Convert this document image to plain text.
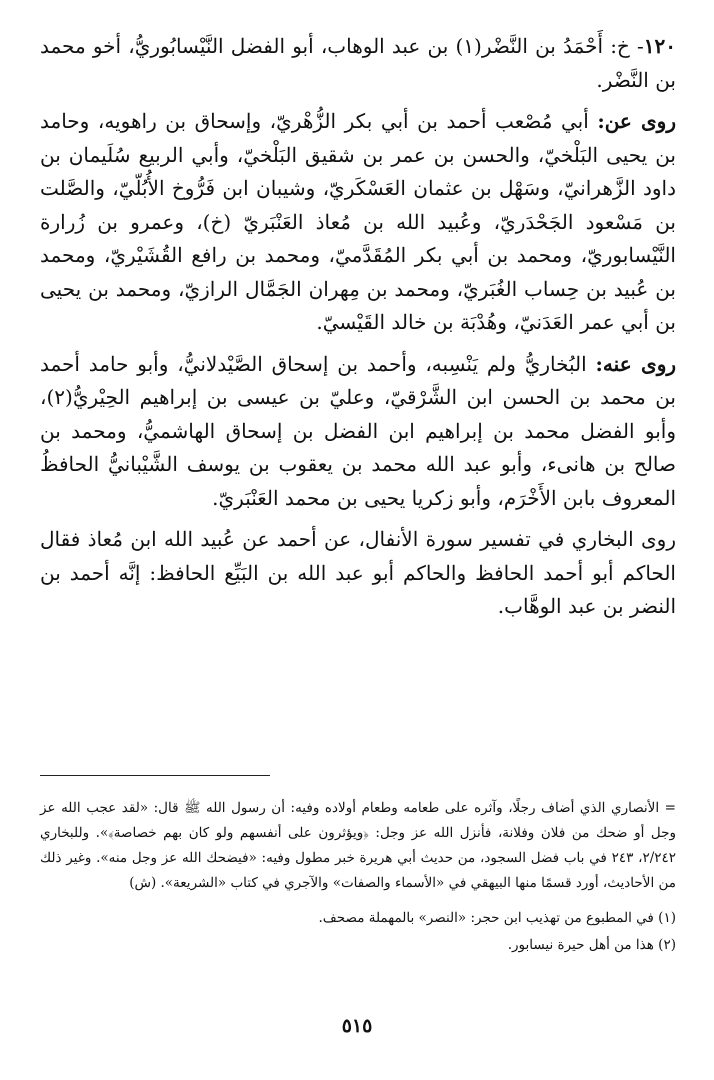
١٢٠- خ: أَحْمَدُ بن النَّضْر(١) بن عبد الوهاب، أبو الفضل النَّيْسابُوريُّ، أخو محمد بن النَّضْر.

روى عن: أبي مُصْعب أحمد بن أبي بكر الزُّهْريّ، وإسحاق بن راهويه، وحامد بن يحيى البَلْخيّ، والحسن بن عمر بن شقيق البَلْخيّ، وأبي الربيع سُلَيمان بن داود الزَّهرانيّ، وسَهْل بن عثمان العَسْكَريّ، وشيبان ابن فَرُّوخ الأُبُلّيّ، والصَّلت بن مَسْعود الجَحْدَريّ، وعُبيد الله بن مُعاذ العَنْبَريّ (خ)، وعمرو بن زُرارة النَّيْسابوريّ، ومحمد بن أبي بكر المُقَدَّميّ، ومحمد بن رافع القُشَيْريّ، ومحمد بن عُبيد بن حِساب الغُبَريّ، ومحمد بن مِهران الجَمَّال الرازيّ، ومحمد بن يحيى بن أبي عمر العَدَنيّ، وهُدْبَة بن خالد القَيْسيّ.

روى عنه: البُخاريُّ ولم يَنْسِبه، وأحمد بن إسحاق الصَّيْدلانيُّ، وأبو حامد أحمد بن محمد بن الحسن ابن الشَّرْقيّ، وعليّ بن عيسى بن إبراهيم الحِيْريُّ(٢)، وأبو الفضل محمد بن إبراهيم ابن الفضل بن إسحاق الهاشميُّ، ومحمد بن صالح بن هانىء، وأبو عبد الله محمد بن يعقوب بن يوسف الشَّيْبانيُّ الحافظُ المعروف بابن الأَخْرَم، وأبو زكريا يحيى بن محمد العَنْبَريّ.

روى البخاري في تفسير سورة الأنفال، عن أحمد عن عُبيد الله ابن مُعاذ فقال الحاكم أبو أحمد الحافظ والحاكم أبو عبد الله بن البَيِّع الحافظ: إنَّه أحمد بن النضر بن عبد الوهَّاب.

= الأنصاري الذي أضاف رجلًا، وآثره على طعامه وطعام أولاده وفيه: أن رسول الله ﷺ قال: «لقد عجب الله عز وجل أو ضحك من فلان وفلانة، فأنزل الله عز وجل: ﴿ويؤثرون على أنفسهم ولو كان بهم خصاصة﴾». وللبخاري ٢/٢٤٢، ٢٤٣ في باب فضل السجود، من حديث أبي هريرة خبر مطول وفيه: «فيضحك الله عز وجل منه». وغير ذلك من الأحاديث، أورد قسمًا منها البيهقي في «الأسماء والصفات» والآجري في كتاب «الشريعة». (ش)

(١) في المطبوع من تهذيب ابن حجر: «النصر» بالمهملة مصحف.
(٢) هذا من أهل حيرة نيسابور.
٥١٥
